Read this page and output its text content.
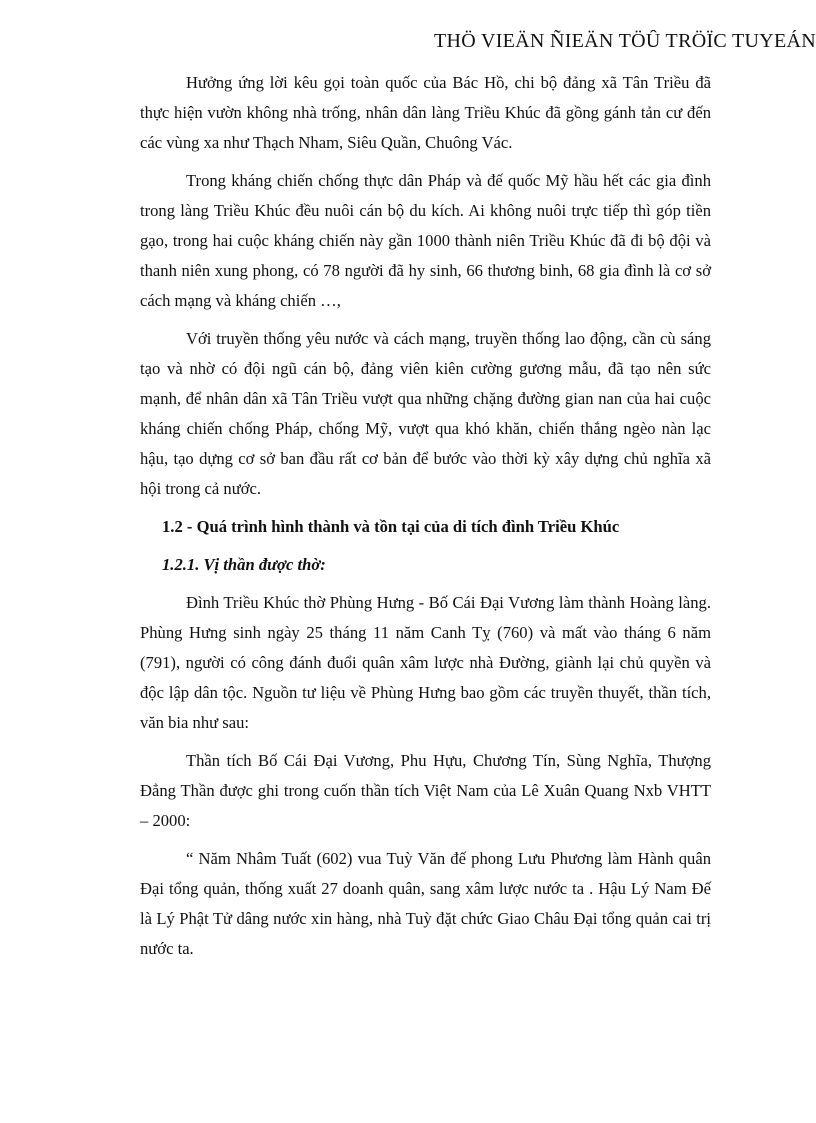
THÖ VIEÄN ÑIEÄN TÖÛ TRÖÏC TUYEÁN

Hưởng ứng lời kêu gọi toàn quốc của Bác Hồ, chi bộ đảng xã Tân Triều đã thực hiện vườn không nhà trống, nhân dân làng Triều Khúc đã gồng gánh tản cư đến các vùng xa như Thạch Nham, Siêu Quần, Chuông Vác.

Trong kháng chiến chống thực dân Pháp và đế quốc Mỹ hầu hết các gia đình trong làng Triều Khúc đều nuôi cán bộ du kích. Ai không nuôi trực tiếp thì góp tiền gạo, trong hai cuộc kháng chiến này gần 1000 thành niên Triều Khúc đã đi bộ đội và thanh niên xung phong, có 78 người đã hy sinh, 66 thương binh, 68 gia đình là cơ sở cách mạng và kháng chiến …,

Với truyền thống yêu nước và cách mạng, truyền thống lao động, cần cù sáng tạo và nhờ có đội ngũ cán bộ, đảng viên kiên cường gương mẫu, đã tạo nên sức mạnh, để nhân dân xã Tân Triều vượt qua những chặng đường gian nan của hai cuộc kháng chiến chống Pháp, chống Mỹ, vượt qua khó khăn, chiến thắng ngèo nàn lạc hậu, tạo dựng cơ sở ban đầu rất cơ bản để bước vào thời kỳ xây dựng chủ nghĩa xã hội trong cả nước.

1.2 - Quá trình hình thành và tồn tại của di tích đình Triều Khúc

1.2.1. Vị thần được thờ:

Đình Triều Khúc thờ Phùng Hưng - Bố Cái Đại Vương làm thành Hoàng làng. Phùng Hưng sinh ngày 25 tháng 11 năm Canh Tỵ (760) và mất vào tháng 6 năm (791), người có công đánh đuổi quân xâm lược nhà Đường, giành lại chủ quyền và độc lập dân tộc. Nguồn tư liệu về Phùng Hưng bao gồm các truyền thuyết, thần tích, văn bia như sau:

Thần tích Bố Cái Đại Vương, Phu Hựu, Chương Tín, Sùng Nghĩa, Thượng Đẳng Thần được ghi trong cuốn thần tích Việt Nam của Lê Xuân Quang Nxb VHTT – 2000:

“ Năm Nhâm Tuất (602) vua Tuỳ Văn đế phong Lưu Phương làm Hành quân Đại tổng quản, thống xuất 27 doanh quân, sang xâm lược nước ta . Hậu Lý Nam Đế là Lý Phật Tử dâng nước xin hàng, nhà Tuỳ đặt chức Giao Châu Đại tổng quản cai trị nước ta.
